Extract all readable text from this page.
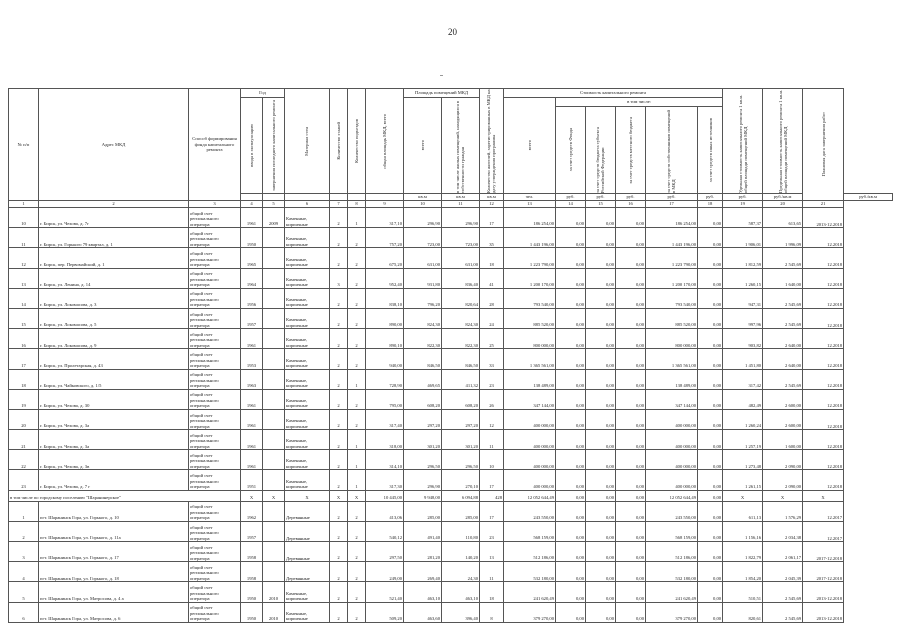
20
№ п/п	Адрес МКД	Способ формирования фонда капитального ремонта	Год		Материал стен	Количество этажей	Количество подъездов	общая площадь МКД, всего	Площадь помещений МКД		Количество жителей, зарегистрированных в МКД на дату утверждения программы	Стоимость капитального ремонта						Удельная стоимость капитального ремонта 1 кв.м. общей площади помещений МКД	Предельная стоимость капитального ремонта 1 кв.м. общей площади помещений МКД	Плановая дата завершения работ	

			ввода в эксплуатацию	завершения последнего капитального ремонта					всего	в том числе жилых помещений, находящихся в собственности граждан		всего	в том числе:								

													за счет средств Фонда	за счет средств бюджета субъекта Российской Федерации	за счет средств местного бюджета	за счет средств собственников помещений в МКД	за счет средств иных источников				

									кв.м	кв.м	кв.м	чел.	руб.	руб.	руб.	руб.	руб.	руб.	руб./кв.м		руб./кв.м
1	2	3	4	5	6	7	8	9	10	11	12	13	14	15	16	17	18	19	20	21	
10	г. Бирск, ул. Чехова, д. 7г	общий счет регионального оператора	1961	2009	Каменные, кирпичные	2	1	317,10	296,90	296,90	17	186 254,00	0,00	0,00	0,00	186 254,00	0,00	587,37	613,65	2013-12.2018	
11	г. Бирск, ул. Горького 79 квартал, д. 1	общий счет регионального оператора	1950		Каменные, кирпичные	2	2	757,20	723,00	723,00	35	1 443 196,00	0,00	0,00	0,00	1 443 196,00	0,00	1 906,01	1 996,09	12.2018	
12	г. Бирск, пер. Первомайский, д. 1	общий счет регионального оператора	1965		Каменные, кирпичные	2	2	675,20	631,00	631,00	18	1 223 790,00	0,00	0,00	0,00	1 223 790,00	0,00	1 812,59	2 545,69	12.2018	
13	г. Бирск, ул. Ленина, д. 14	общий счет регионального оператора	1964		Каменные, кирпичные	3	2	952,40	931,80	836,40	41	1 200 170,00	0,00	0,00	0,00	1 200 170,00	0,00	1 260,15	1 640,00	12.2018	
14	г. Бирск, ул. Локомасова, д. 3	общий счет регионального оператора	1956		Каменные, кирпичные	2	2	838,10	796,20	820,64	28	793 540,00	0,00	0,00	0,00	793 540,00	0,00	947,31	2 545,69	12.2018	
15	г. Бирск, ул. Локомасова, д. 5	общий счет регионального оператора	1957		Каменные, кирпичные	2	2	890,00	824,30	824,30	24	885 520,00	0,00	0,00	0,00	885 520,00	0,00	997,96	2 545,69	12.2018	
16	г. Бирск, ул. Локомасова, д. 9	общий счет регионального оператора	1961		Каменные, кирпичные	2	2	890,10	822,30	822,30	25	800 000,00	0,00	0,00	0,00	800 000,00	0,00	903,82	2 640,00	12.2018	
17	г. Бирск, ул. Пролетарская, д. 43	общий счет регионального оператора	1953		Каменные, кирпичные	2	2	940,00	846,50	846,50	33	1 365 561,00	0,00	0,00	0,00	1 365 561,00	0,00	1 451,80	2 640,00	12.2018	
18	г. Бирск, ул. Чайковского, д. 1/5	общий счет регионального оператора	1963		Каменные, кирпичные	2	1	728,90	469,65	411,32	23	138 489,00	0,00	0,00	0,00	138 489,00	0,00	317,42	2 545,69	12.2018	
19	г. Бирск, ул. Чехова, д. 30	общий счет регионального оператора	1961		Каменные, кирпичные	2	2	795,00	608,20	608,20	26	347 144,00	0,00	0,00	0,00	347 144,00	0,00	482,49	2 600,00	12.2018	
20	г. Бирск, ул. Чехова, д. 3а	общий счет регионального оператора	1961		Каменные, кирпичные	2	2	317,40	297,20	297,20	12	400 000,00	0,00	0,00	0,00	400 000,00	0,00	1 260,24	2 600,00	12.2018	
21	г. Бирск, ул. Чехова, д. 3а	общий счет регионального оператора	1961		Каменные, кирпичные	2	1	318,00	301,20	301,20	11	400 000,00	0,00	0,00	0,00	400 000,00	0,00	1 257,19	1 600,00	12.2018	
22	г. Бирск, ул. Чехова, д. 3в	общий счет регионального оператора	1961		Каменные, кирпичные	2	1	314,10	296,50	296,50	10	400 000,00	0,00	0,00	0,00	400 000,00	0,00	1 273,48	2 090,00	12.2018	
23	г. Бирск, ул. Чехова, д. 7 г	общий счет регионального оператора	1951		Каменные, кирпичные	2	1	317,30	296,90	270,10	17	400 000,00	0,00	0,00	0,00	400 000,00	0,00	1 261,15	2 090,00	12.2018	
в том числе по городскому поселению "Шаранинерское"			X	X	X	X	X	10 445,00	9 948,00	6 094,88	428	12 052 644,49	0,00	0,00	0,00	12 052 644,49	0,00	X	X	X	
1	пгт. Шаранинск Гора, ул. Горького, д. 10	общий счет регионального оператора	1962		Деревянные	2	2	413,06	285,00	285,00	17	243 550,00	0,00	0,00	0,00	243 550,00	0,00	611,13	1 576,29	12.2017	
2	пгт. Шаранинск Гора, ул. Горького, д. 11а	общий счет регионального оператора	1957		Деревянные	2	2	540,12	491,40	110,80	23	568 159,00	0,00	0,00	0,00	568 159,00	0,00	1 156,16	2 034,38	12.2017	
3	пгт. Шаранинск Гора, ул. Горького, д. 17	общий счет регионального оператора	1958		Деревянные	2	2	297,50	281,20	140,20	13	512 186,00	0,00	0,00	0,00	512 186,00	0,00	1 822,79	2 061,17	2017-12.2018	
4	пгт. Шаранинск Гора, ул. Горького, д. 18	общий счет регионального оператора	1958		Деревянные	2	2	249,00	269,40	24,30	11	532 180,00	0,00	0,00	0,00	532 180,00	0,00	1 854,20	2 045,39	2017-12.2018	
5	пгт. Шаранинск Гора, ул. Матросова, д. 4 а	общий счет регионального оператора	1950	2010	Каменные, кирпичные	2	2	521,40	463,10	463,10	18	241 620,49	0,00	0,00	0,00	241 620,49	0,00	510,51	2 545,69	2013-12.2018	
6	пгт. Шаранинск Гора, ул. Матросова, д. 6	общий счет регионального оператора	1950	2010	Каменные, кирпичные	2	2	509,20	463,60	396,40	8	379 270,00	0,00	0,00	0,00	379 270,00	0,00	820,61	2 545,69	2013-12.2018	
